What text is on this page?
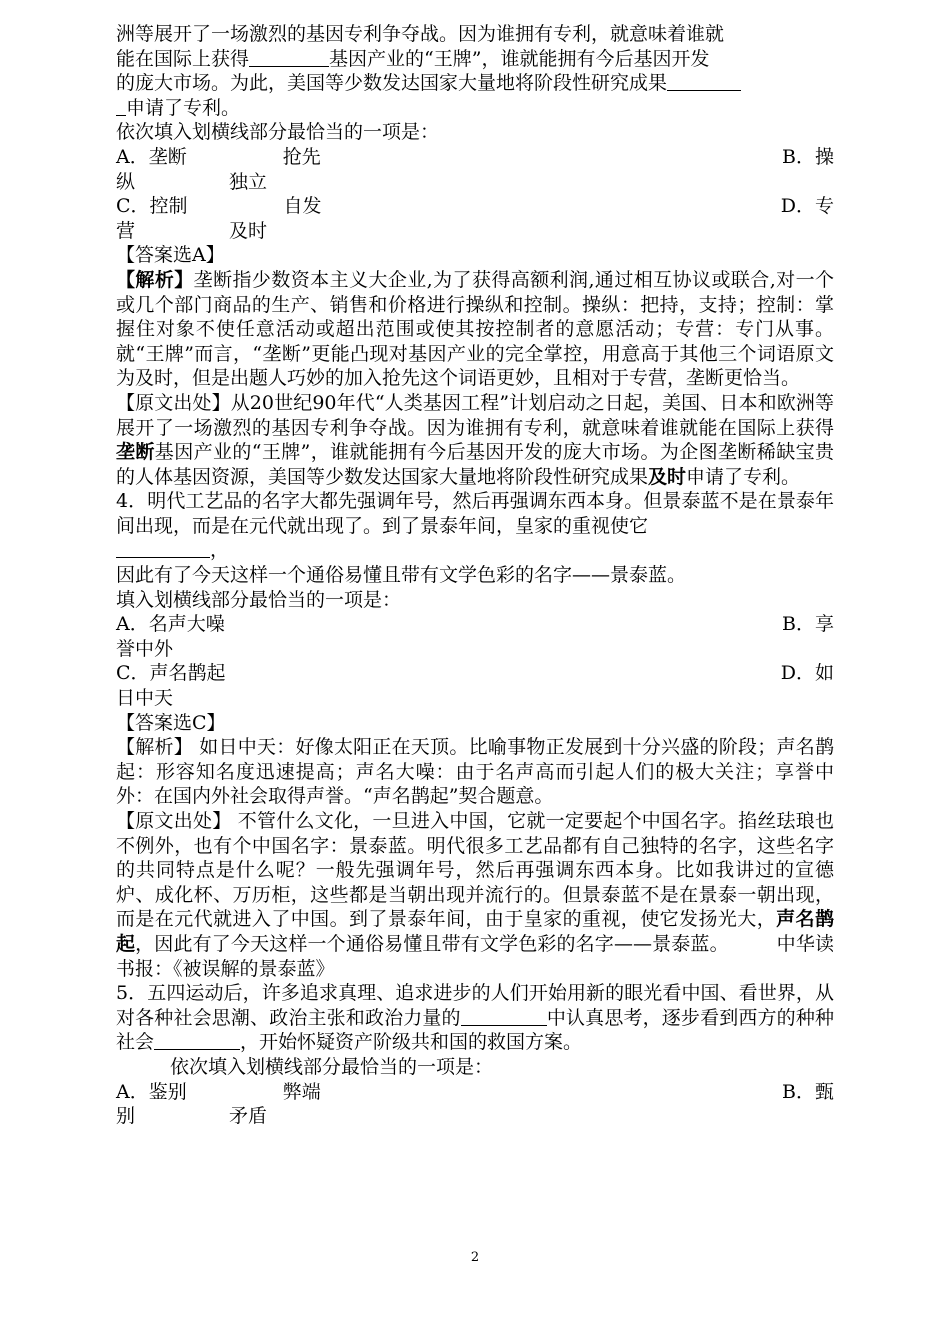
洲等展开了一场激烈的基因专利争夺战。因为谁拥有专利，就意味着谁就

能在国际上获得	基因产业的“王牌”，谁就能拥有今后基因开发

的庞大市场。为此，美国等少数发达国家大量地将阶段性研究成果

申请了专利。

依次填入划横线部分最恰当的一项是：

A．垄断	抢先	B．操

纵	独立

C．控制	自发	D．专

营	及时

【答案选A】

【解析】垄断指少数资本主义大企业,为了获得高额利润,通过相互协议或联合,对一个或几个部门商品的生产、销售和价格进行操纵和控制。操纵：把持，支持；控制：掌握住对象不使任意活动或超出范围或使其按控制者的意愿活动；专营：专门从事。就“王牌”而言，“垄断”更能凸现对基因产业的完全掌控，用意高于其他三个词语原文为及时，但是出题人巧妙的加入抢先这个词语更妙，且相对于专营，垄断更恰当。

【原文出处】从20世纪90年代“人类基因工程”计划启动之日起，美国、日本和欧洲等展开了一场激烈的基因专利争夺战。因为谁拥有专利，就意味着谁就能在国际上获得垄断基因产业的“王牌”，谁就能拥有今后基因开发的庞大市场。为企图垄断稀缺宝贵的人体基因资源，美国等少数发达国家大量地将阶段性研究成果及时申请了专利。

4．明代工艺品的名字大都先强调年号，然后再强调东西本身。但景泰蓝不是在景泰年间出现，而是在元代就出现了。到了景泰年间，皇家的重视使它
，

因此有了今天这样一个通俗易懂且带有文学色彩的名字——景泰蓝。

填入划横线部分最恰当的一项是：

A．名声大噪	B．享

誉中外

C．声名鹊起	D．如

日中天

【答案选C】

【解析】 如日中天：好像太阳正在天顶。比喻事物正发展到十分兴盛的阶段；声名鹊起：形容知名度迅速提高；声名大噪：由于名声高而引起人们的极大关注；享誉中外：在国内外社会取得声誉。“声名鹊起”契合题意。

【原文出处】 不管什么文化，一旦进入中国，它就一定要起个中国名字。掐丝珐琅也不例外，也有个中国名字：景泰蓝。明代很多工艺品都有自己独特的名字，这些名字的共同特点是什么呢？一般先强调年号，然后再强调东西本身。比如我讲过的宣德炉、成化杯、万历柜，这些都是当朝出现并流行的。但景泰蓝不是在景泰一朝出现，而是在元代就进入了中国。到了景泰年间，由于皇家的重视，使它发扬光大，声名鹊起，因此有了今天这样一个通俗易懂且带有文学色彩的名字——景泰蓝。　　　中华读书报：《被误解的景泰蓝》

5．五四运动后，许多追求真理、追求进步的人们开始用新的眼光看中国、看世界，从对各种社会思潮、政治主张和政治力量的	中认真思考，逐步看到西方的种种社会	，开始怀疑资产阶级共和国的救国方案。

依次填入划横线部分最恰当的一项是：

A．鉴别	弊端	B．甄

别	矛盾

2
